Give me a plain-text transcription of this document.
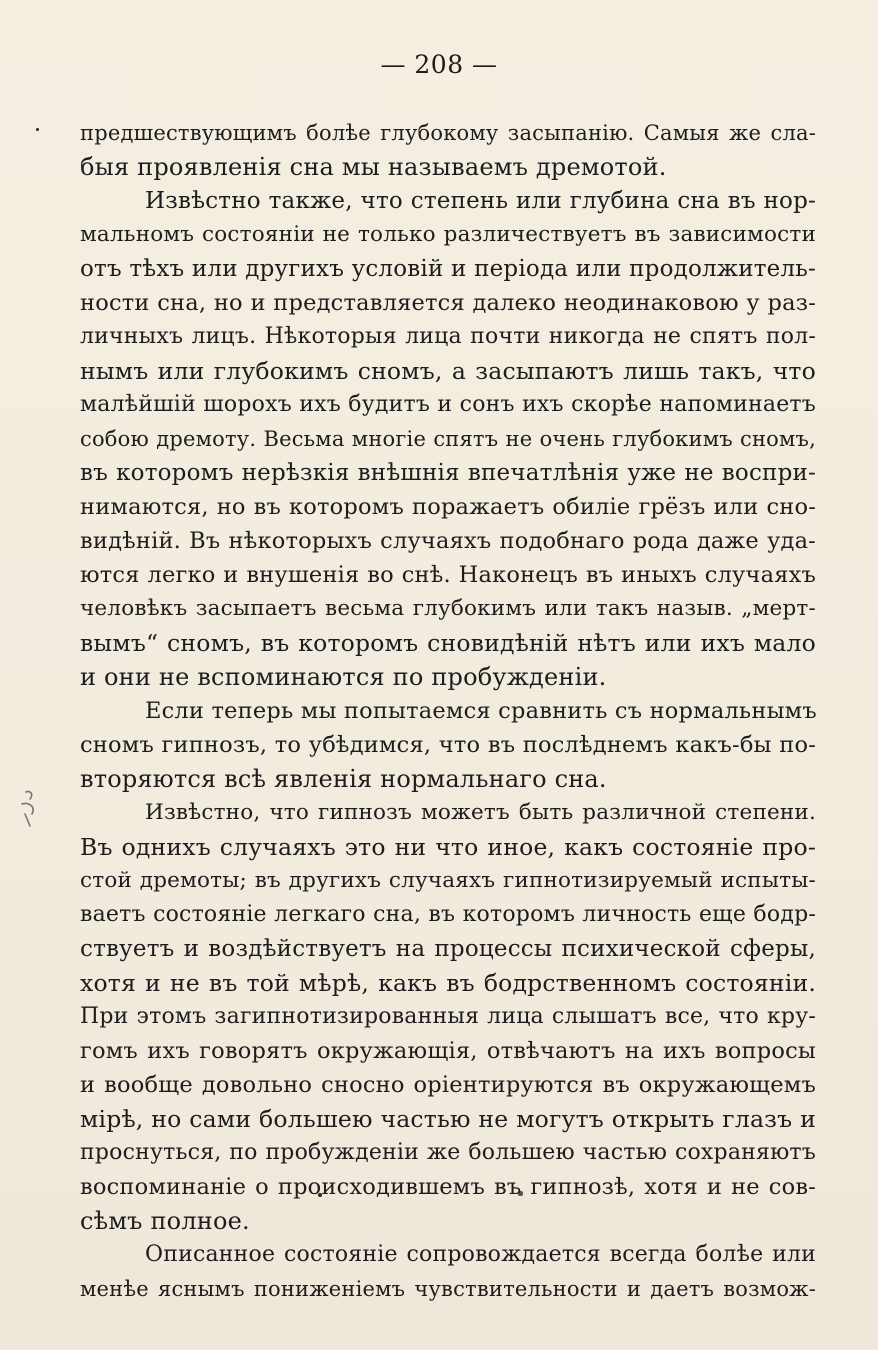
— 208 —
предшествующимъ болѣе глубокому засыпанію. Самыя же сла-
быя проявленія сна мы называемъ дремотой.
Извѣстно также, что степень или глубина сна въ нор-
мальномъ состояніи не только различествуетъ въ зависимости
отъ тѣхъ или другихъ условій и періода или продолжитель-
ности сна, но и представляется далеко неодинаковою у раз-
личныхъ лицъ. Нѣкоторыя лица почти никогда не спятъ пол-
нымъ или глубокимъ сномъ, а засыпаютъ лишь такъ, что
малѣйшій шорохъ ихъ будитъ и сонъ ихъ скорѣе напоминаетъ
собою дремоту. Весьма многіе спятъ не очень глубокимъ сномъ,
въ которомъ нерѣзкія внѣшнія впечатлѣнія уже не воспри-
нимаются, но въ которомъ поражаетъ обиліе грёзъ или сно-
видѣній. Въ нѣкоторыхъ случаяхъ подобнаго рода даже уда-
ются легко и внушенія во снѣ. Наконецъ въ иныхъ случаяхъ
человѣкъ засыпаетъ весьма глубокимъ или такъ назыв. „мерт-
вымъ“ сномъ, въ которомъ сновидѣній нѣтъ или ихъ мало
и они не вспоминаются по пробужденіи.
Если теперь мы попытаемся сравнить съ нормальнымъ
сномъ гипнозъ, то убѣдимся, что въ послѣднемъ какъ-бы по-
вторяются всѣ явленія нормальнаго сна.
Извѣстно, что гипнозъ можетъ быть различной степени.
Въ однихъ случаяхъ это ни что иное, какъ состояніе про-
стой дремоты; въ другихъ случаяхъ гипнотизируемый испыты-
ваетъ состояніе легкаго сна, въ которомъ личность еще бодр-
ствуетъ и воздѣйствуетъ на процессы психической сферы,
хотя и не въ той мѣрѣ, какъ въ бодрственномъ состояніи.
При этомъ загипнотизированныя лица слышатъ все, что кру-
гомъ ихъ говорятъ окружающія, отвѣчаютъ на ихъ вопросы
и вообще довольно сносно оріентируются въ окружающемъ
мірѣ, но сами большею частью не могутъ открыть глазъ и
проснуться, по пробужденіи же большею частью сохраняютъ
воспоминаніе о происходившемъ въ гипнозѣ, хотя и не сов-
сѣмъ полное.
Описанное состояніе сопровождается всегда болѣе или
менѣе яснымъ пониженіемъ чувствительности и даетъ возмож-
